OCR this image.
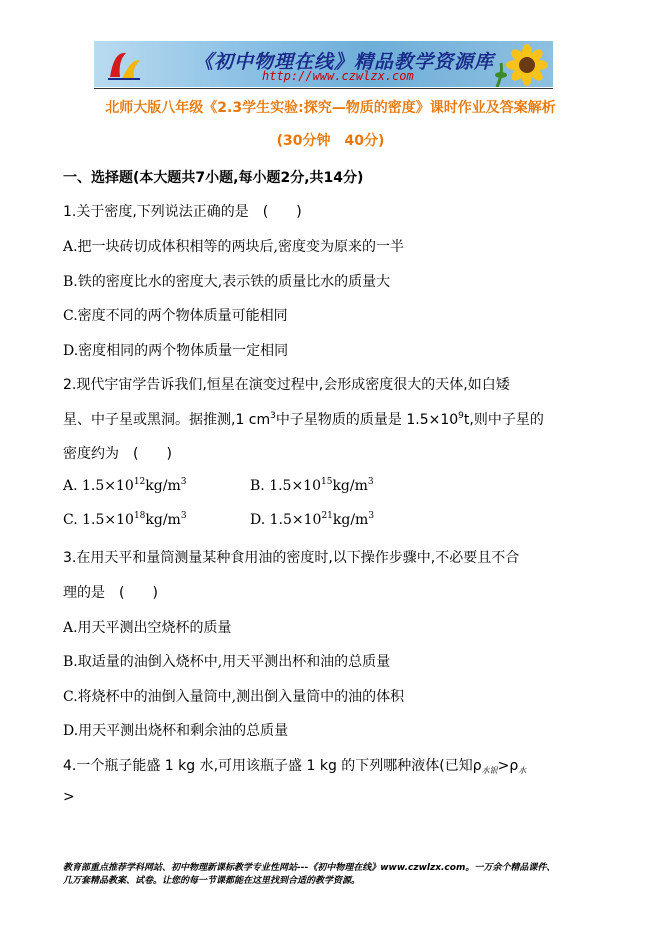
《初中物理在线》精品教学资源库
http://www.czwlzx.com
北师大版八年级《2.3学生实验:探究—物质的密度》课时作业及答案解析
(30分钟　40分)
一、选择题(本大题共7小题,每小题2分,共14分)
1.关于密度,下列说法正确的是　(　　)
A.把一块砖切成体积相等的两块后,密度变为原来的一半
B.铁的密度比水的密度大,表示铁的质量比水的质量大
C.密度不同的两个物体质量可能相同
D.密度相同的两个物体质量一定相同
2.现代宇宙学告诉我们,恒星在演变过程中,会形成密度很大的天体,如白矮
星、中子星或黑洞。据推测,1 $cm^3$中子星物质的质量是 $1.5\times 10^9t$,则中子星的
密度约为　(　　)
A. $1.5\times 10^{12}kg/m^3$	B. $1.5\times 10^{15}kg/m^3$
C. $1.5\times 10^{18}kg/m^3$	D. $1.5\times 10^{21}kg/m^3$
3.在用天平和量筒测量某种食用油的密度时,以下操作步骤中,不必要且不合
理的是　(　　)
A.用天平测出空烧杯的质量
B.取适量的油倒入烧杯中,用天平测出杯和油的总质量
C.将烧杯中的油倒入量筒中,测出倒入量筒中的油的体积
D.用天平测出烧杯和剩余油的总质量
4.一个瓶子能盛 1 kg 水,可用该瓶子盛 1 kg 的下列哪种液体(已知$\rho_{水银}>\rho_水$
>
教育部重点推荐学科网站、初中物理新课标教学专业性网站---《初中物理在线》www.czwlzx.com。一万余个精品课件、
几万套精品教案、试卷。让您的每一节课都能在这里找到合适的教学资源。
